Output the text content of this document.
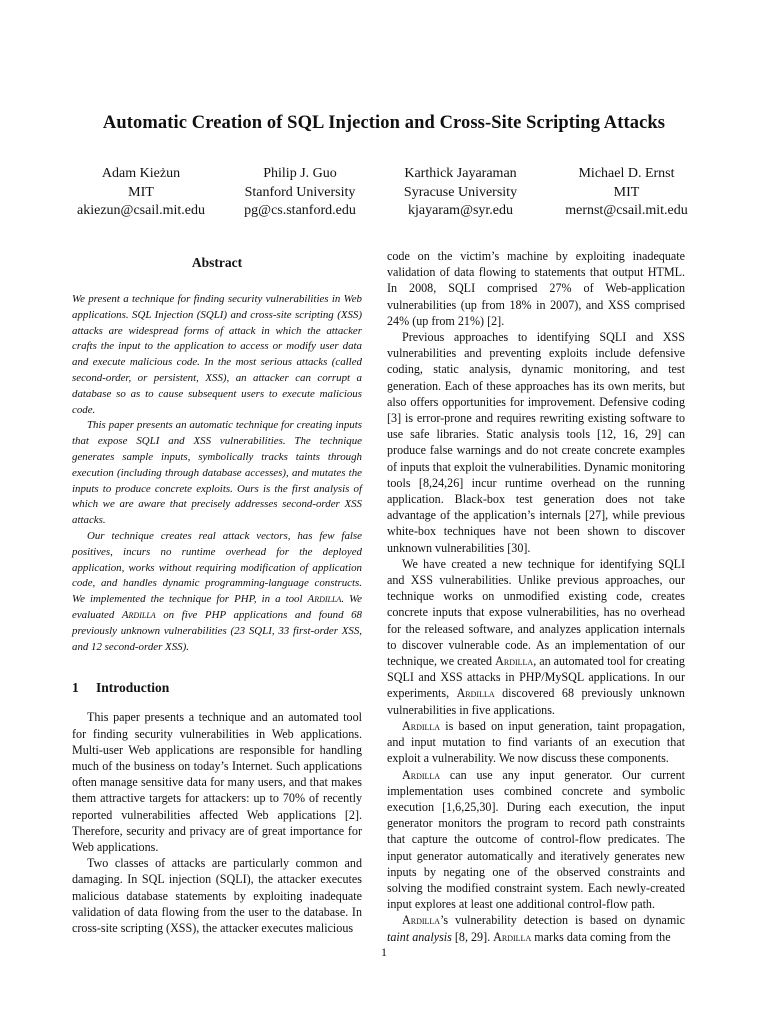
Automatic Creation of SQL Injection and Cross-Site Scripting Attacks
Adam Kieżun
MIT
akiezun@csail.mit.edu
Philip J. Guo
Stanford University
pg@cs.stanford.edu
Karthick Jayaraman
Syracuse University
kjayaram@syr.edu
Michael D. Ernst
MIT
mernst@csail.mit.edu
Abstract

We present a technique for finding security vulnerabilities in Web applications. SQL Injection (SQLI) and cross-site scripting (XSS) attacks are widespread forms of attack in which the attacker crafts the input to the application to access or modify user data and execute malicious code. In the most serious attacks (called second-order, or persistent, XSS), an attacker can corrupt a database so as to cause subsequent users to execute malicious code.

This paper presents an automatic technique for creating inputs that expose SQLI and XSS vulnerabilities. The technique generates sample inputs, symbolically tracks taints through execution (including through database accesses), and mutates the inputs to produce concrete exploits. Ours is the first analysis of which we are aware that precisely addresses second-order XSS attacks.

Our technique creates real attack vectors, has few false positives, incurs no runtime overhead for the deployed application, works without requiring modification of application code, and handles dynamic programming-language constructs. We implemented the technique for PHP, in a tool Ardilla. We evaluated Ardilla on five PHP applications and found 68 previously unknown vulnerabilities (23 SQLI, 33 first-order XSS, and 12 second-order XSS).

1 Introduction

This paper presents a technique and an automated tool for finding security vulnerabilities in Web applications. Multi-user Web applications are responsible for handling much of the business on today’s Internet. Such applications often manage sensitive data for many users, and that makes them attractive targets for attackers: up to 70% of recently reported vulnerabilities affected Web applications [2]. Therefore, security and privacy are of great importance for Web applications.

Two classes of attacks are particularly common and damaging. In SQL injection (SQLI), the attacker executes malicious database statements by exploiting inadequate validation of data flowing from the user to the database. In cross-site scripting (XSS), the attacker executes malicious

code on the victim’s machine by exploiting inadequate validation of data flowing to statements that output HTML. In 2008, SQLI comprised 27% of Web-application vulnerabilities (up from 18% in 2007), and XSS comprised 24% (up from 21%) [2].

Previous approaches to identifying SQLI and XSS vulnerabilities and preventing exploits include defensive coding, static analysis, dynamic monitoring, and test generation. Each of these approaches has its own merits, but also offers opportunities for improvement. Defensive coding [3] is error-prone and requires rewriting existing software to use safe libraries. Static analysis tools [12, 16, 29] can produce false warnings and do not create concrete examples of inputs that exploit the vulnerabilities. Dynamic monitoring tools [8,24,26] incur runtime overhead on the running application. Black-box test generation does not take advantage of the application’s internals [27], while previous white-box techniques have not been shown to discover unknown vulnerabilities [30].

We have created a new technique for identifying SQLI and XSS vulnerabilities. Unlike previous approaches, our technique works on unmodified existing code, creates concrete inputs that expose vulnerabilities, has no overhead for the released software, and analyzes application internals to discover vulnerable code. As an implementation of our technique, we created Ardilla, an automated tool for creating SQLI and XSS attacks in PHP/MySQL applications. In our experiments, Ardilla discovered 68 previously unknown vulnerabilities in five applications.

Ardilla is based on input generation, taint propagation, and input mutation to find variants of an execution that exploit a vulnerability. We now discuss these components.

Ardilla can use any input generator. Our current implementation uses combined concrete and symbolic execution [1,6,25,30]. During each execution, the input generator monitors the program to record path constraints that capture the outcome of control-flow predicates. The input generator automatically and iteratively generates new inputs by negating one of the observed constraints and solving the modified constraint system. Each newly-created input explores at least one additional control-flow path.

Ardilla’s vulnerability detection is based on dynamic taint analysis [8, 29]. Ardilla marks data coming from the

1
